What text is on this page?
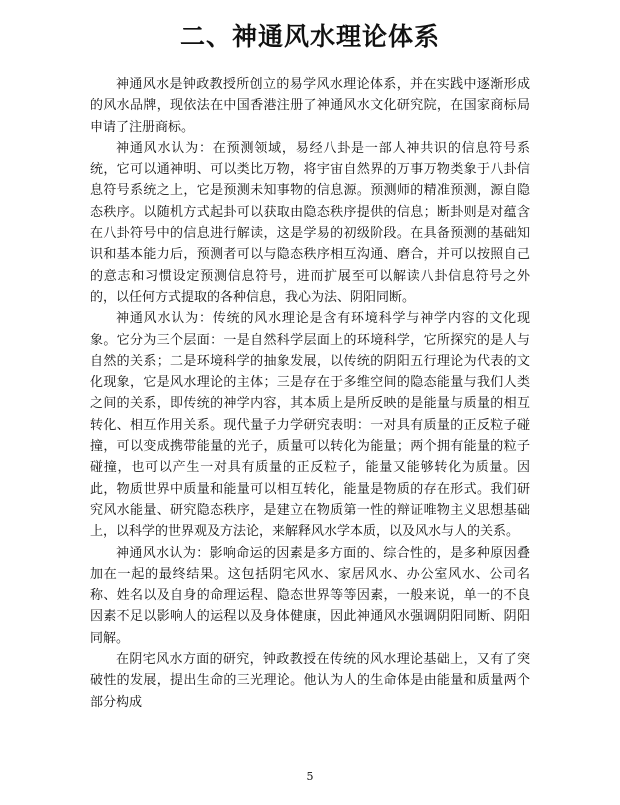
二、神通风水理论体系

神通风水是钟政教授所创立的易学风水理论体系，并在实践中逐渐形成的风水品牌，现依法在中国香港注册了神通风水文化研究院，在国家商标局申请了注册商标。

神通风水认为：在预测领域，易经八卦是一部人神共识的信息符号系统，它可以通神明、可以类比万物，将宇宙自然界的万事万物类象于八卦信息符号系统之上，它是预测未知事物的信息源。预测师的精准预测，源自隐态秩序。以随机方式起卦可以获取由隐态秩序提供的信息；断卦则是对蕴含在八卦符号中的信息进行解读，这是学易的初级阶段。在具备预测的基础知识和基本能力后，预测者可以与隐态秩序相互沟通、磨合，并可以按照自己的意志和习惯设定预测信息符号，进而扩展至可以解读八卦信息符号之外的，以任何方式提取的各种信息，我心为法、阴阳同断。

神通风水认为：传统的风水理论是含有环境科学与神学内容的文化现象。它分为三个层面：一是自然科学层面上的环境科学，它所探究的是人与自然的关系；二是环境科学的抽象发展，以传统的阴阳五行理论为代表的文化现象，它是风水理论的主体；三是存在于多维空间的隐态能量与我们人类之间的关系，即传统的神学内容，其本质上是所反映的是能量与质量的相互转化、相互作用关系。现代量子力学研究表明：一对具有质量的正反粒子碰撞，可以变成携带能量的光子，质量可以转化为能量；两个拥有能量的粒子碰撞，也可以产生一对具有质量的正反粒子，能量又能够转化为质量。因此，物质世界中质量和能量可以相互转化，能量是物质的存在形式。我们研究风水能量、研究隐态秩序，是建立在物质第一性的辩证唯物主义思想基础上，以科学的世界观及方法论，来解释风水学本质，以及风水与人的关系。

神通风水认为：影响命运的因素是多方面的、综合性的，是多种原因叠加在一起的最终结果。这包括阴宅风水、家居风水、办公室风水、公司名称、姓名以及自身的命理运程、隐态世界等等因素，一般来说，单一的不良因素不足以影响人的运程以及身体健康，因此神通风水强调阴阳同断、阴阳同解。

在阴宅风水方面的研究，钟政教授在传统的风水理论基础上，又有了突破性的发展，提出生命的三光理论。他认为人的生命体是由能量和质量两个部分构成

5
